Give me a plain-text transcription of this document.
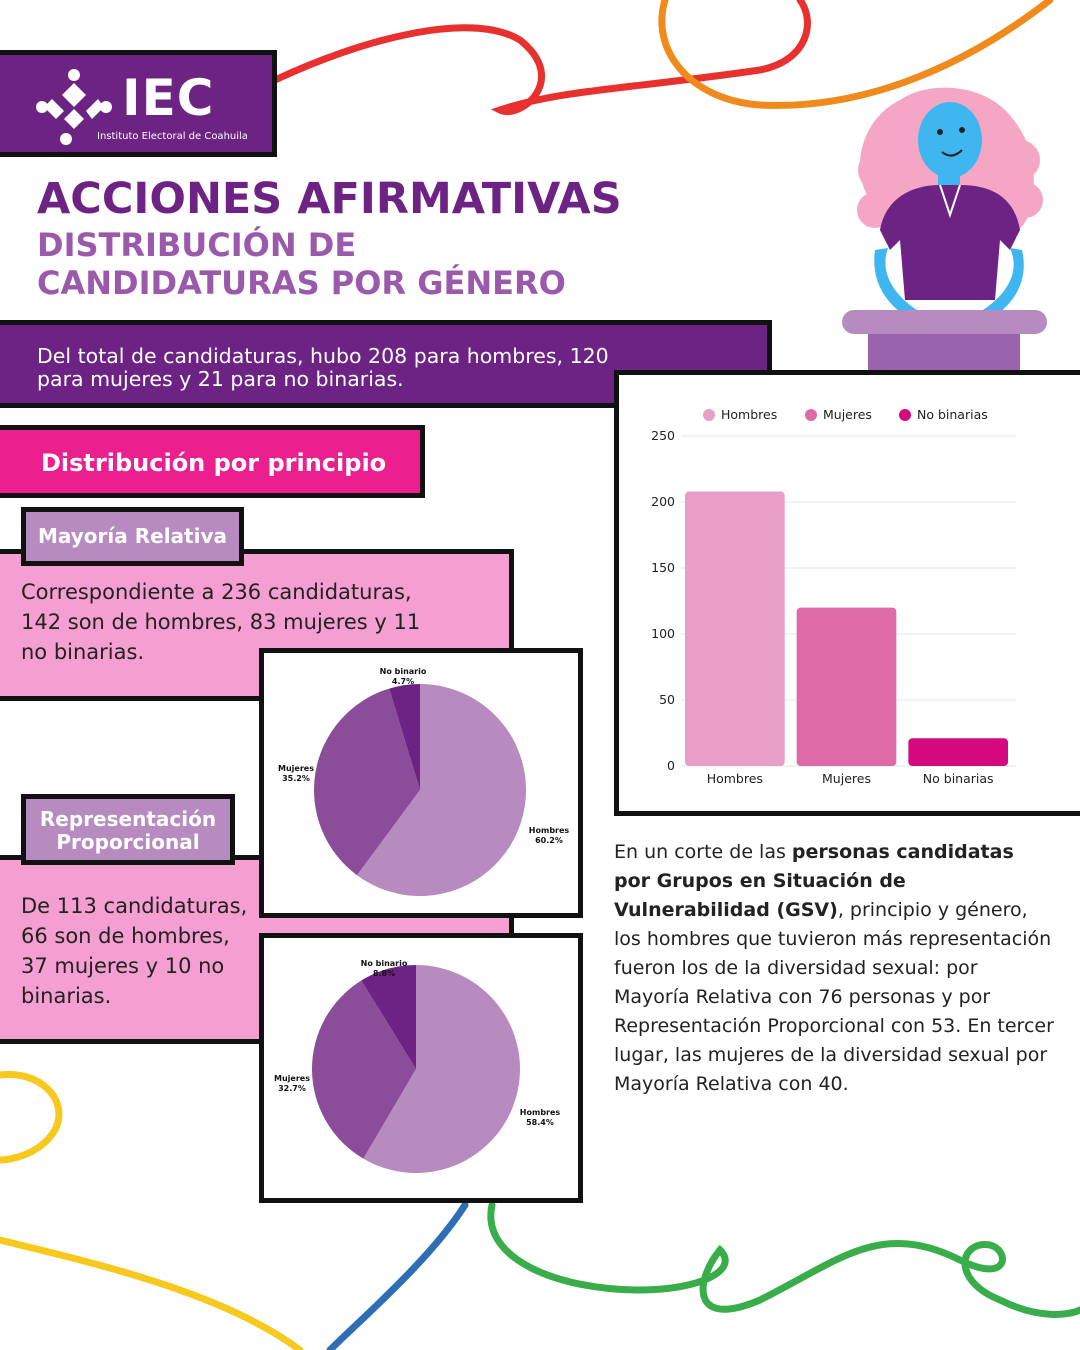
IEC
Instituto Electoral de Coahuila
ACCIONES AFIRMATIVAS
DISTRIBUCIÓN DE
CANDIDATURAS POR GÉNERO

Del total de candidaturas, hubo 208 para hombres, 120 para mujeres y 21 para no binarias.

Distribución por principio
Mayoría Relativa
Correspondiente a 236 candidaturas, 142 son de hombres, 83 mujeres y 11 no binarias.
Representación
Proporcional
De 113 candidaturas, 66 son de hombres, 37 mujeres y 10 no binarias.
Hombres
60.2%
Mujeres
35.2%
No binario
4.7%
Hombres
58.4%
Mujeres
32.7%
No binario
8.8%
0
50
100
150
200
250
Hombres	Mujeres	No binarias
Hombres	Mujeres	No binarias
En un corte de las personas candidatas por Grupos en Situación de Vulnerabilidad (GSV), principio y género, los hombres que tuvieron más representación fueron los de la diversidad sexual: por Mayoría Relativa con 76 personas y por Representación Proporcional con 53. En tercer lugar, las mujeres de la diversidad sexual por Mayoría Relativa con 40.
